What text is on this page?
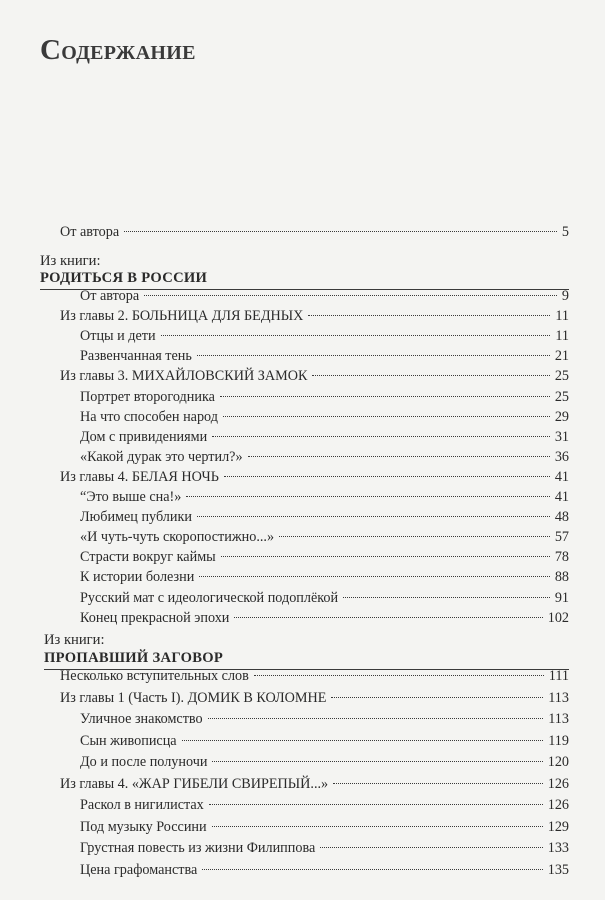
Содержание
От автора	5
Из книги:
РОДИТЬСЯ В РОССИИ
От автора	9
Из главы 2. БОЛЬНИЦА ДЛЯ БЕДНЫХ	11
Отцы и дети	11
Развенчанная тень	21
Из главы 3. МИХАЙЛОВСКИЙ ЗАМОК	25
Портрет второгодника	25
На что способен народ	29
Дом с привидениями	31
«Какой дурак это чертил?»	36
Из главы 4. БЕЛАЯ НОЧЬ	41
“Это выше сна!»	41
Любимец публики	48
«И чуть-чуть скоропостижно...»	57
Страсти вокруг каймы	78
К истории болезни	88
Русский мат с идеологической подоплёкой	91
Конец прекрасной эпохи	102
Из книги:
ПРОПАВШИЙ ЗАГОВОР
Несколько вступительных слов	111
Из главы 1 (Часть I). ДОМИК В КОЛОМНЕ	113
Уличное знакомство	113
Сын живописца	119
До и после полуночи	120
Из главы 4. «ЖАР ГИБЕЛИ СВИРЕПЫЙ...»	126
Раскол в нигилистах	126
Под музыку Россини	129
Грустная повесть из жизни Филиппова	133
Цена графоманства	135
